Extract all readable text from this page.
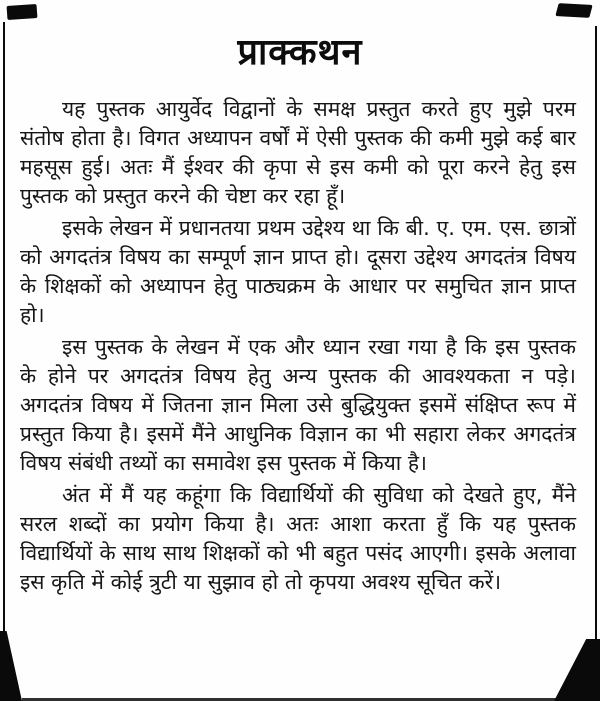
प्राक्कथन

यह पुस्तक आयुर्वेद विद्वानों के समक्ष प्रस्तुत करते हुए मुझे परम संतोष होता है। विगत अध्यापन वर्षों में ऐसी पुस्तक की कमी मुझे कई बार महसूस हुई। अतः मैं ईश्वर की कृपा से इस कमी को पूरा करने हेतु इस पुस्तक को प्रस्तुत करने की चेष्टा कर रहा हूँ।

इसके लेखन में प्रधानतया प्रथम उद्देश्य था कि बी. ए. एम. एस. छात्रों को अगदतंत्र विषय का सम्पूर्ण ज्ञान प्राप्त हो। दूसरा उद्देश्य अगदतंत्र विषय के शिक्षकों को अध्यापन हेतु पाठ्यक्रम के आधार पर समुचित ज्ञान प्राप्त हो।

इस पुस्तक के लेखन में एक और ध्यान रखा गया है कि इस पुस्तक के होने पर अगदतंत्र विषय हेतु अन्य पुस्तक की आवश्यकता न पड़े। अगदतंत्र विषय में जितना ज्ञान मिला उसे बुद्धियुक्त इसमें संक्षिप्त रूप में प्रस्तुत किया है। इसमें मैंने आधुनिक विज्ञान का भी सहारा लेकर अगदतंत्र विषय संबंधी तथ्यों का समावेश इस पुस्तक में किया है।

अंत में मैं यह कहूंगा कि विद्यार्थियों की सुविधा को देखते हुए, मैंने सरल शब्दों का प्रयोग किया है। अतः आशा करता हुँ कि यह पुस्तक विद्यार्थियों के साथ साथ शिक्षकों को भी बहुत पसंद आएगी। इसके अलावा इस कृति में कोई त्रुटी या सुझाव हो तो कृपया अवश्य सूचित करें।
